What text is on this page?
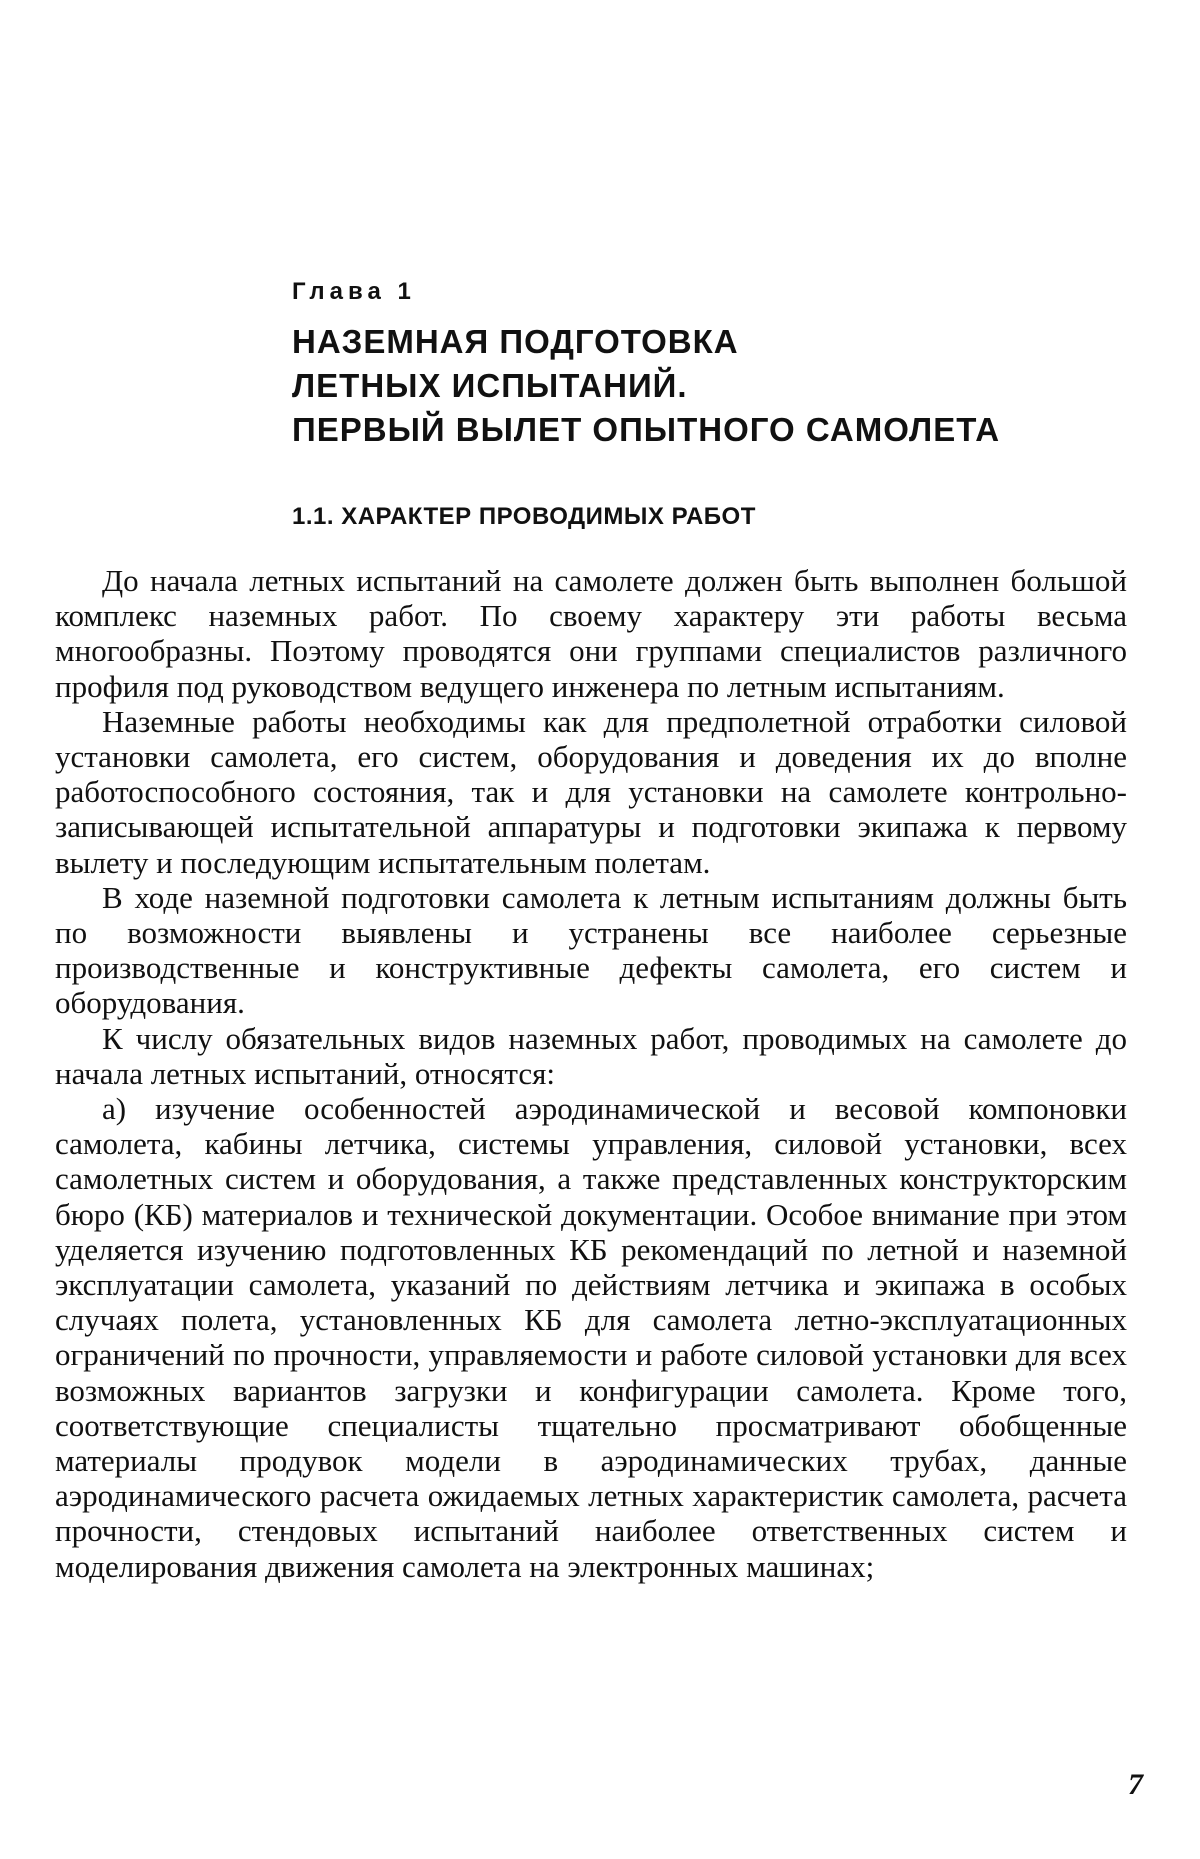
Глава 1

НАЗЕМНАЯ ПОДГОТОВКА
ЛЕТНЫХ ИСПЫТАНИЙ.
ПЕРВЫЙ ВЫЛЕТ ОПЫТНОГО САМОЛЕТА
1.1. ХАРАКТЕР ПРОВОДИМЫХ РАБОТ

До начала летных испытаний на самолете должен быть выполнен большой комплекс наземных работ. По своему характеру эти работы весьма многообразны. Поэтому проводятся они группами специалистов различного профиля под руководством ведущего инженера по летным испытаниям.

Наземные работы необходимы как для предполетной отработки силовой установки самолета, его систем, оборудования и доведения их до вполне работоспособного состояния, так и для установки на самолете контрольно-записывающей испытательной аппаратуры и подготовки экипажа к первому вылету и последующим испытательным полетам.

В ходе наземной подготовки самолета к летным испытаниям должны быть по возможности выявлены и устранены все наиболее серьезные производственные и конструктивные дефекты самолета, его систем и оборудования.

К числу обязательных видов наземных работ, проводимых на самолете до начала летных испытаний, относятся:

а) изучение особенностей аэродинамической и весовой компоновки самолета, кабины летчика, системы управления, силовой установки, всех самолетных систем и оборудования, а также представленных конструкторским бюро (КБ) материалов и технической документации. Особое внимание при этом уделяется изучению подготовленных КБ рекомендаций по летной и наземной эксплуатации самолета, указаний по действиям летчика и экипажа в особых случаях полета, установленных КБ для самолета летно-эксплуатационных ограничений по прочности, управляемости и работе силовой установки для всех возможных вариантов загрузки и конфигурации самолета. Кроме того, соответствующие специалисты тщательно просматривают обобщенные материалы продувок модели в аэродинамических трубах, данные аэродинамического расчета ожидаемых летных характеристик самолета, расчета прочности, стендовых испытаний наиболее ответственных систем и моделирования движения самолета на электронных машинах;

7
